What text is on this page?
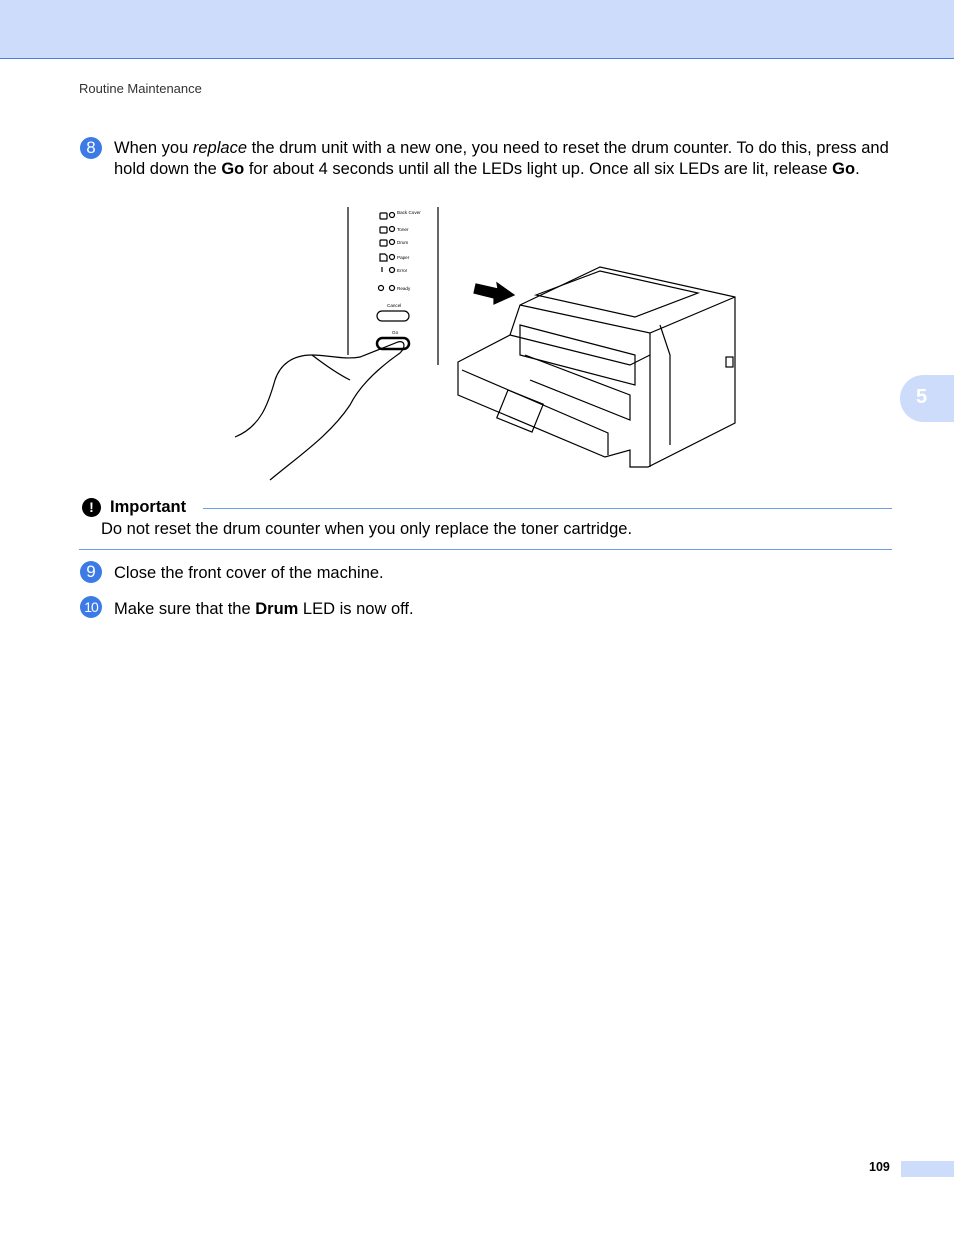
Routine Maintenance
5
8	When you replace the drum unit with a new one, you need to reset the drum counter. To do this, press and hold down the Go for about 4 seconds until all the LEDs light up. Once all six LEDs are lit, release Go.
Back Cover
Toner
Drum
Paper
Error
Ready
Cancel
Go
! Important
Do not reset the drum counter when you only replace the toner cartridge.
9	Close the front cover of the machine.
10 Make sure that the Drum LED is now off.
109
